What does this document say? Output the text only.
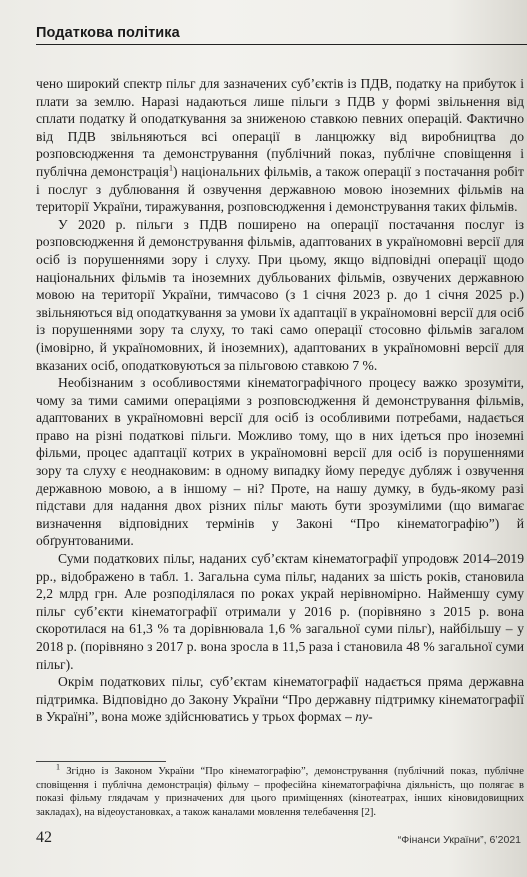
Податкова політика

чено широкий спектр пільг для зазначених суб’єктів із ПДВ, податку на прибуток і плати за землю. Наразі надаються лише пільги з ПДВ у формі звільнення від сплати податку й оподаткування за зниженою ставкою певних операцій. Фактично від ПДВ звільняються всі операції в ланцюжку від виробництва до розповсюдження та демонстрування (публічний показ, публічне сповіщення і публічна демонстрація$^1$) національних фільмів, а також операції з постачання робіт і послуг з дублювання й озвучення державною мовою іноземних фільмів на території України, тиражування, розповсюдження і демонстрування таких фільмів.

У 2020 р. пільги з ПДВ поширено на операції постачання послуг із розповсюдження й демонстрування фільмів, адаптованих в україномовні версії для осіб із порушеннями зору і слуху. При цьому, якщо відповідні операції щодо національних фільмів та іноземних дубльованих фільмів, озвучених державною мовою на території України, тимчасово (з 1 січня 2023 р. до 1 січня 2025 р.) звільняються від оподаткування за умови їх адаптації в україномовні версії для осіб із порушеннями зору та слуху, то такі само операції стосовно фільмів загалом (імовірно, й україномовних, й іноземних), адаптованих в україномовні версії для вказаних осіб, оподатковуються за пільговою ставкою 7 %.

Необізнаним з особливостями кінематографічного процесу важко зрозуміти, чому за тими самими операціями з розповсюдження й демонстрування фільмів, адаптованих в україномовні версії для осіб із особливими потребами, надається право на різні податкові пільги. Можливо тому, що в них ідеться про іноземні фільми, процес адаптації котрих в україномовні версії для осіб із порушеннями зору та слуху є неоднаковим: в одному випадку йому передує дубляж і озвучення державною мовою, а в іншому – ні? Проте, на нашу думку, в будь-якому разі підстави для надання двох різних пільг мають бути зрозумілими (що вимагає визначення відповідних термінів у Законі “Про кінематографію”) й обґрунтованими.

Суми податкових пільг, наданих суб’єктам кінематографії упродовж 2014–2019 рр., відображено в табл. 1. Загальна сума пільг, наданих за шість років, становила 2,2 млрд грн. Але розподілялася по роках украй нерівномірно. Найменшу суму пільг суб’єкти кінематографії отримали у 2016 р. (порівняно з 2015 р. вона скоротилася на 61,3 % та дорівнювала 1,6 % загальної суми пільг), найбільшу – у 2018 р. (порівняно з 2017 р. вона зросла в 11,5 раза і становила 48 % загальної суми пільг).

Окрім податкових пільг, суб’єктам кінематографії надається пряма державна підтримка. Відповідно до Закону України “Про державну підтримку кінематографії в Україні”, вона може здійснюватись у трьох формах – пу-

$^1$ Згідно із Законом України “Про кінематографію”, демонстрування (публічний показ, публічне сповіщення і публічна демонстрація) фільму – професійна кінематографічна діяльність, що полягає в показі фільму глядачам у призначених для цього приміщеннях (кінотеатрах, інших кіновидовищних закладах), на відеоустановках, а також каналами мовлення телебачення [2].

42	“Фінанси України”, 6’2021
